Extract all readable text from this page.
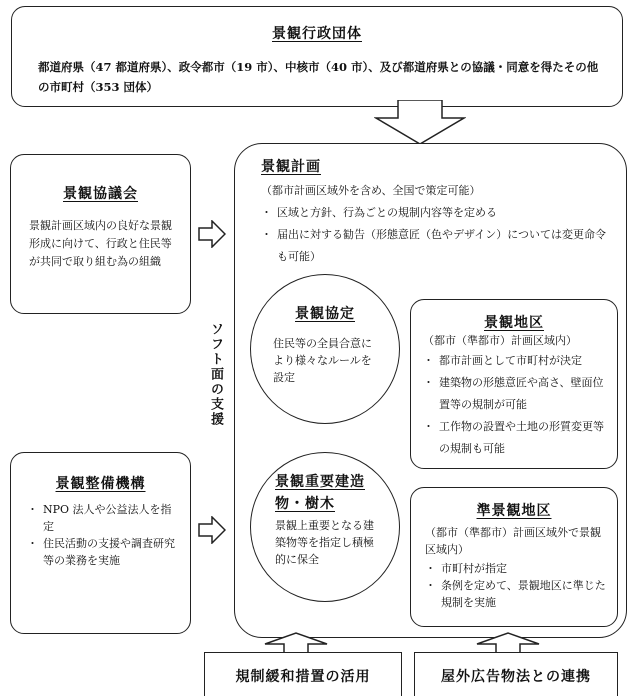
景観行政団体
都道府県（47 都道府県）、政令都市（19 市）、中核市（40 市）、及び都道府県との協議・同意を得たその他の市町村（353 団体）
景観協議会
景観計画区域内の良好な景観形成に向けて、行政と住民等が共同で取り組む為の組織
景観整備機構
・ NPO 法人や公益法人を指定
・ 住民活動の支援や調査研究等の業務を実施
ソフト面の支援
景観計画
（都市計画区域外を含め、全国で策定可能）
・ 区域と方針、行為ごとの規制内容等を定める
・ 届出に対する勧告（形態意匠（色やデザイン）については変更命令も可能）
景観協定
住民等の全員合意により様々なルールを設定
景観重要建造物・樹木
景観上重要となる建築物等を指定し積極的に保全
景観地区
（都市（準都市）計画区域内）
・ 都市計画として市町村が決定
・ 建築物の形態意匠や高さ、壁面位置等の規制が可能
・ 工作物の設置や土地の形質変更等の規制も可能
準景観地区
（都市（準都市）計画区域外で景観区域内）
・ 市町村が指定
・ 条例を定めて、景観地区に準じた規制を実施
規制緩和措置の活用	屋外広告物法との連携
